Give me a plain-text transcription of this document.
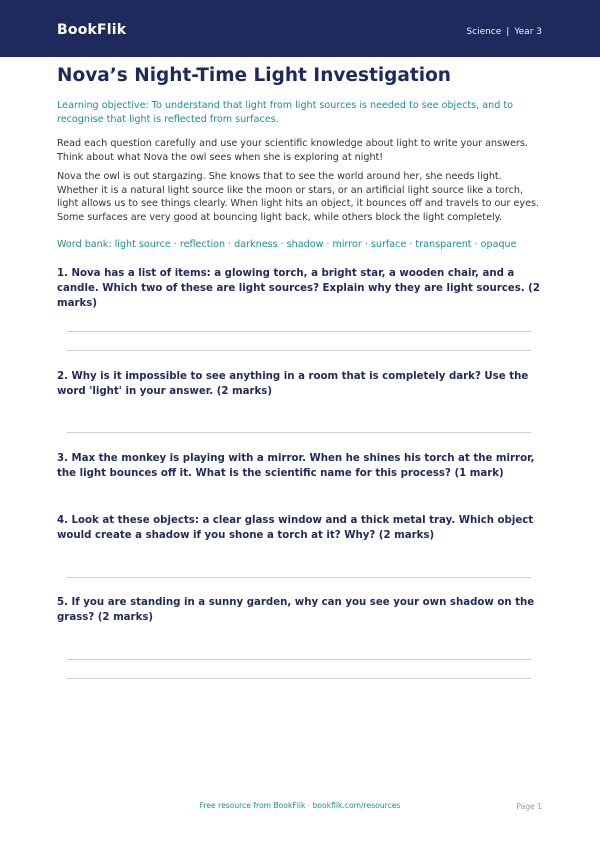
BookFlik	Science | Year 3
Nova’s Night-Time Light Investigation

Learning objective: To understand that light from light sources is needed to see objects, and to recognise that light is reflected from surfaces.

Read each question carefully and use your scientific knowledge about light to write your answers. Think about what Nova the owl sees when she is exploring at night!

Nova the owl is out stargazing. She knows that to see the world around her, she needs light. Whether it is a natural light source like the moon or stars, or an artificial light source like a torch, light allows us to see things clearly. When light hits an object, it bounces off and travels to our eyes. Some surfaces are very good at bouncing light back, while others block the light completely.

Word bank: light source · reflection · darkness · shadow · mirror · surface · transparent · opaque

1. Nova has a list of items: a glowing torch, a bright star, a wooden chair, and a candle. Which two of these are light sources? Explain why they are light sources. (2 marks)

2. Why is it impossible to see anything in a room that is completely dark? Use the word 'light' in your answer. (2 marks)

3. Max the monkey is playing with a mirror. When he shines his torch at the mirror, the light bounces off it. What is the scientific name for this process? (1 mark)

4. Look at these objects: a clear glass window and a thick metal tray. Which object would create a shadow if you shone a torch at it? Why? (2 marks)

5. If you are standing in a sunny garden, why can you see your own shadow on the grass? (2 marks)

Free resource from BookFlik · bookflik.com/resources	Page 1
